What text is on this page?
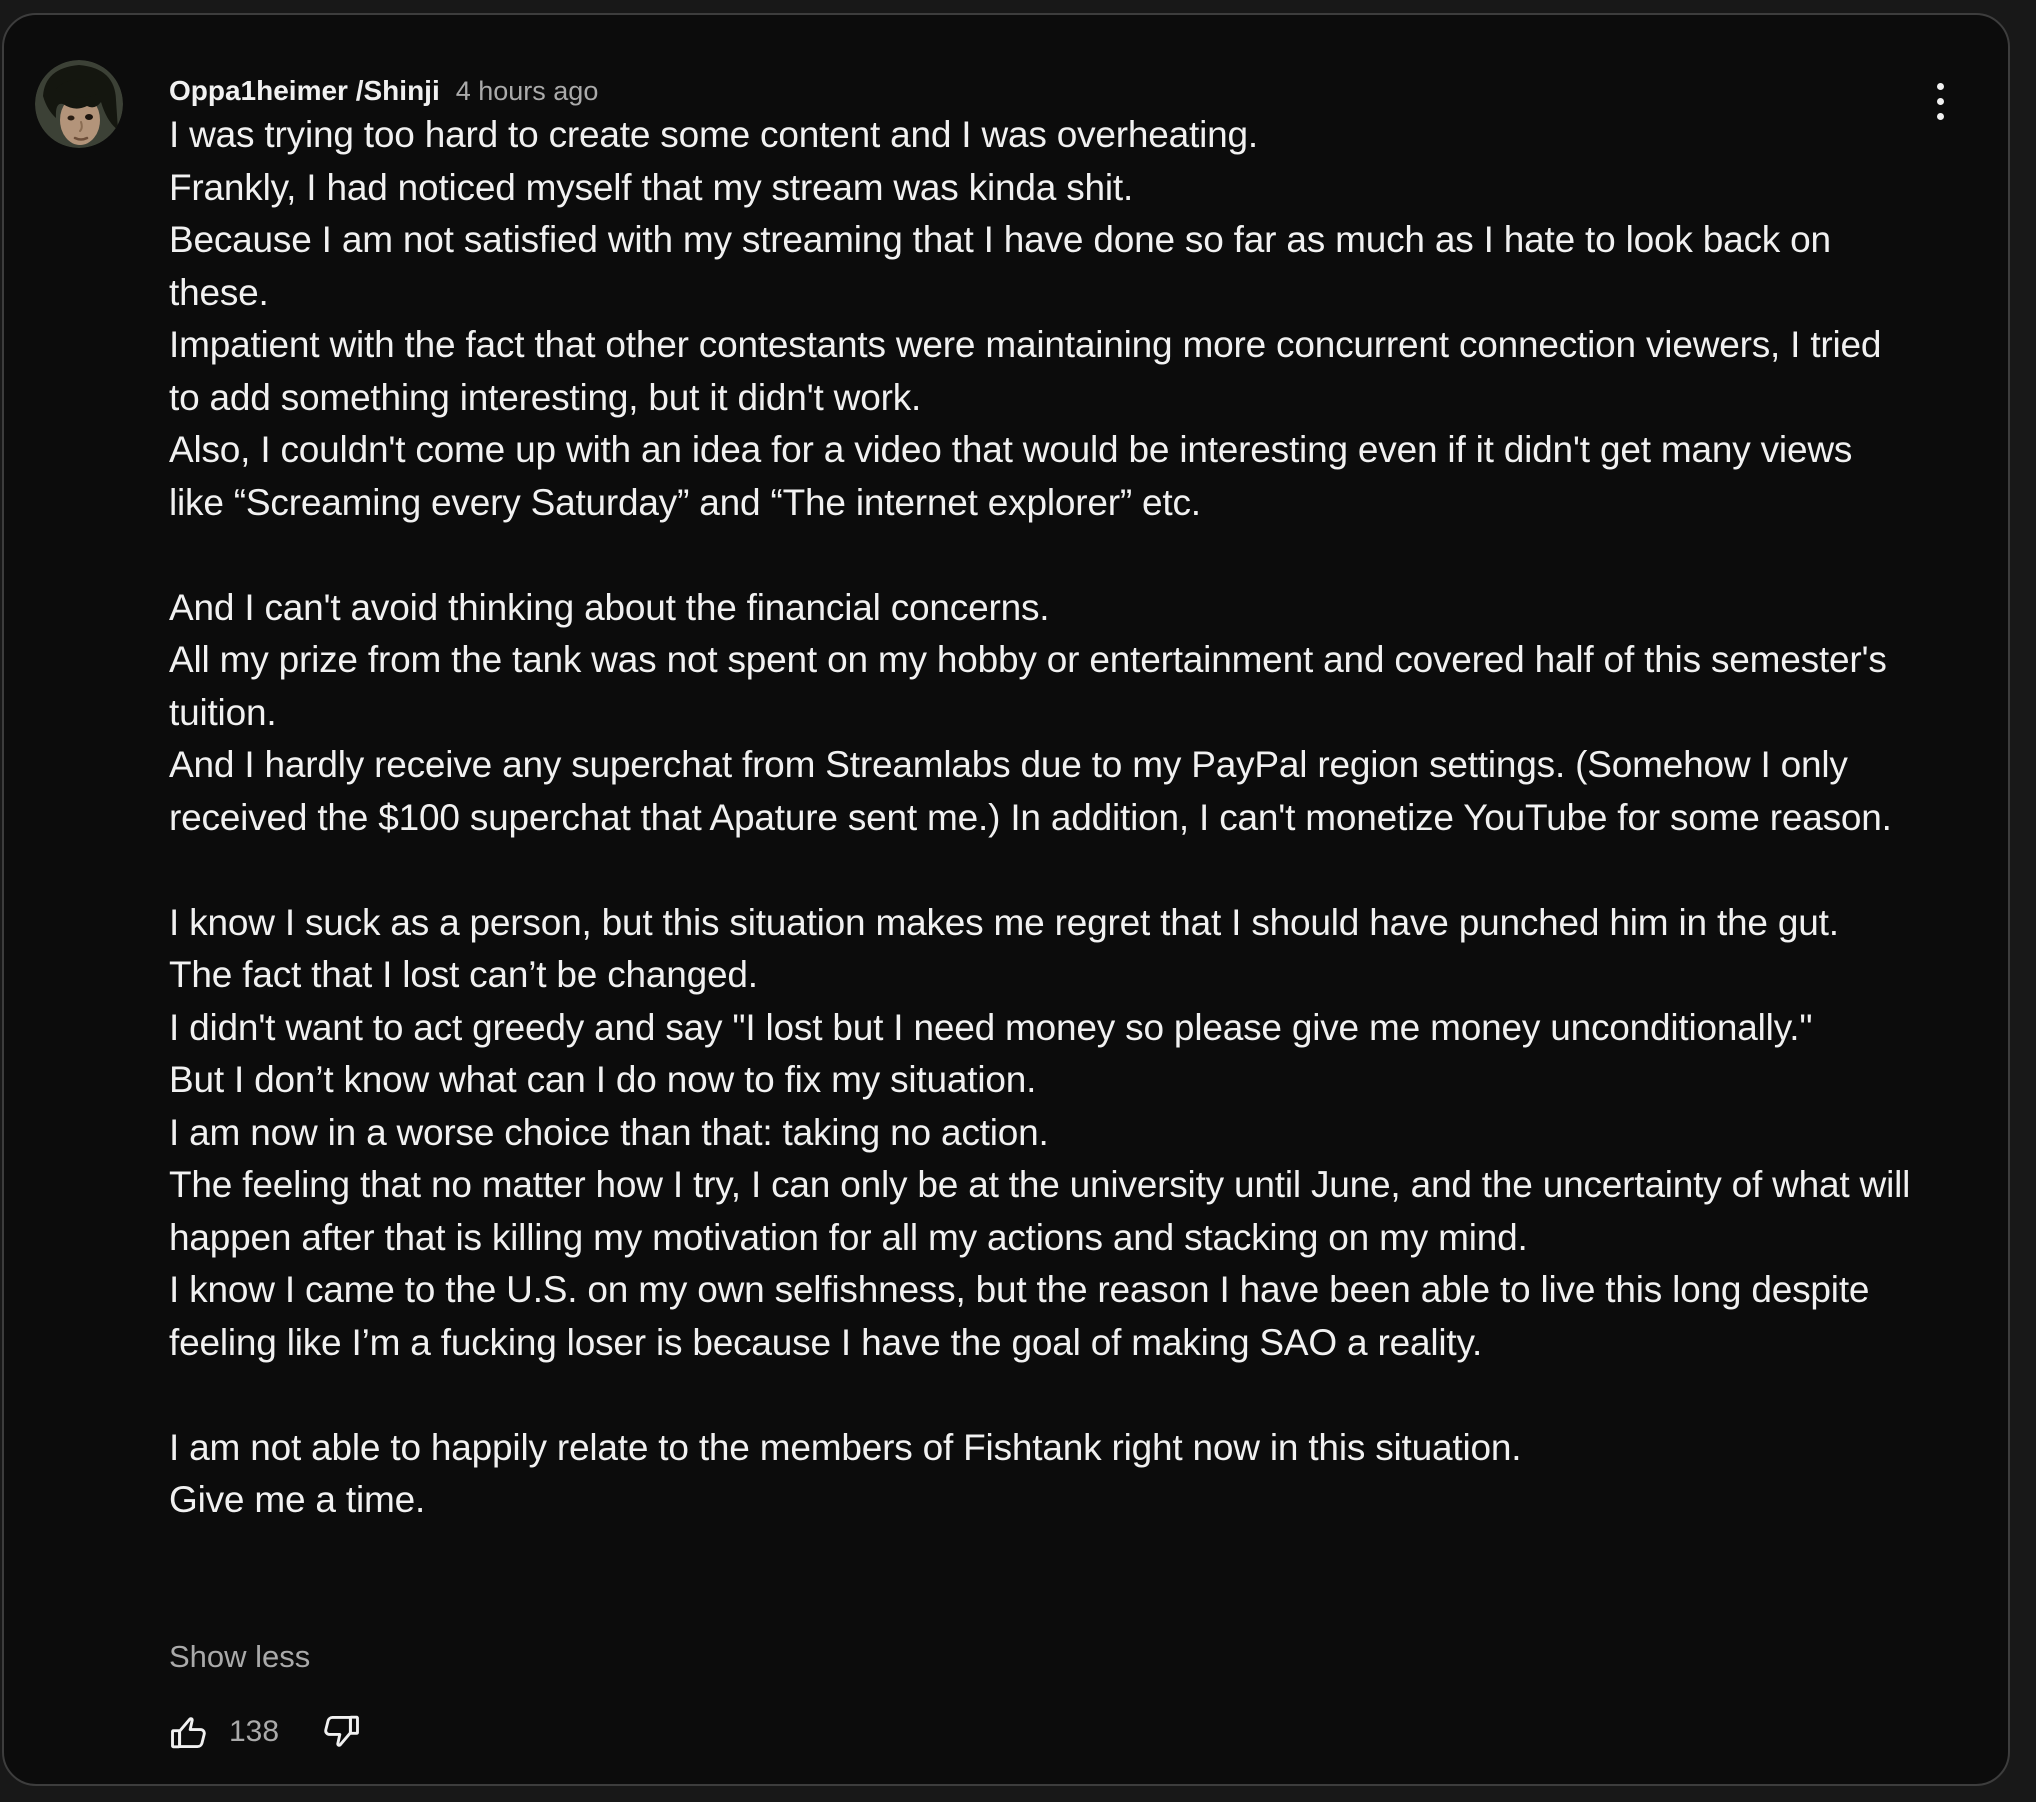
Oppa1heimer /Shinji 4 hours ago
I was trying too hard to create some content and I was overheating.
Frankly, I had noticed myself that my stream was kinda shit.
Because I am not satisfied with my streaming that I have done so far as much as I hate to look back on these.
Impatient with the fact that other contestants were maintaining more concurrent connection viewers, I tried to add something interesting, but it didn't work.
Also, I couldn't come up with an idea for a video that would be interesting even if it didn't get many views like “Screaming every Saturday” and “The internet explorer” etc.

And I can't avoid thinking about the financial concerns.
All my prize from the tank was not spent on my hobby or entertainment and covered half of this semester's tuition.
And I hardly receive any superchat from Streamlabs due to my PayPal region settings. (Somehow I only received the $100 superchat that Apature sent me.) In addition, I can't monetize YouTube for some reason.

I know I suck as a person, but this situation makes me regret that I should have punched him in the gut.
The fact that I lost can’t be changed.
I didn't want to act greedy and say "I lost but I need money so please give me money unconditionally."
But I don’t know what can I do now to fix my situation.
I am now in a worse choice than that: taking no action.
The feeling that no matter how I try, I can only be at the university until June, and the uncertainty of what will happen after that is killing my motivation for all my actions and stacking on my mind.
I know I came to the U.S. on my own selfishness, but the reason I have been able to live this long despite feeling like I’m a fucking loser is because I have the goal of making SAO a reality.

I am not able to happily relate to the members of Fishtank right now in this situation.
Give me a time.
Show less
138
